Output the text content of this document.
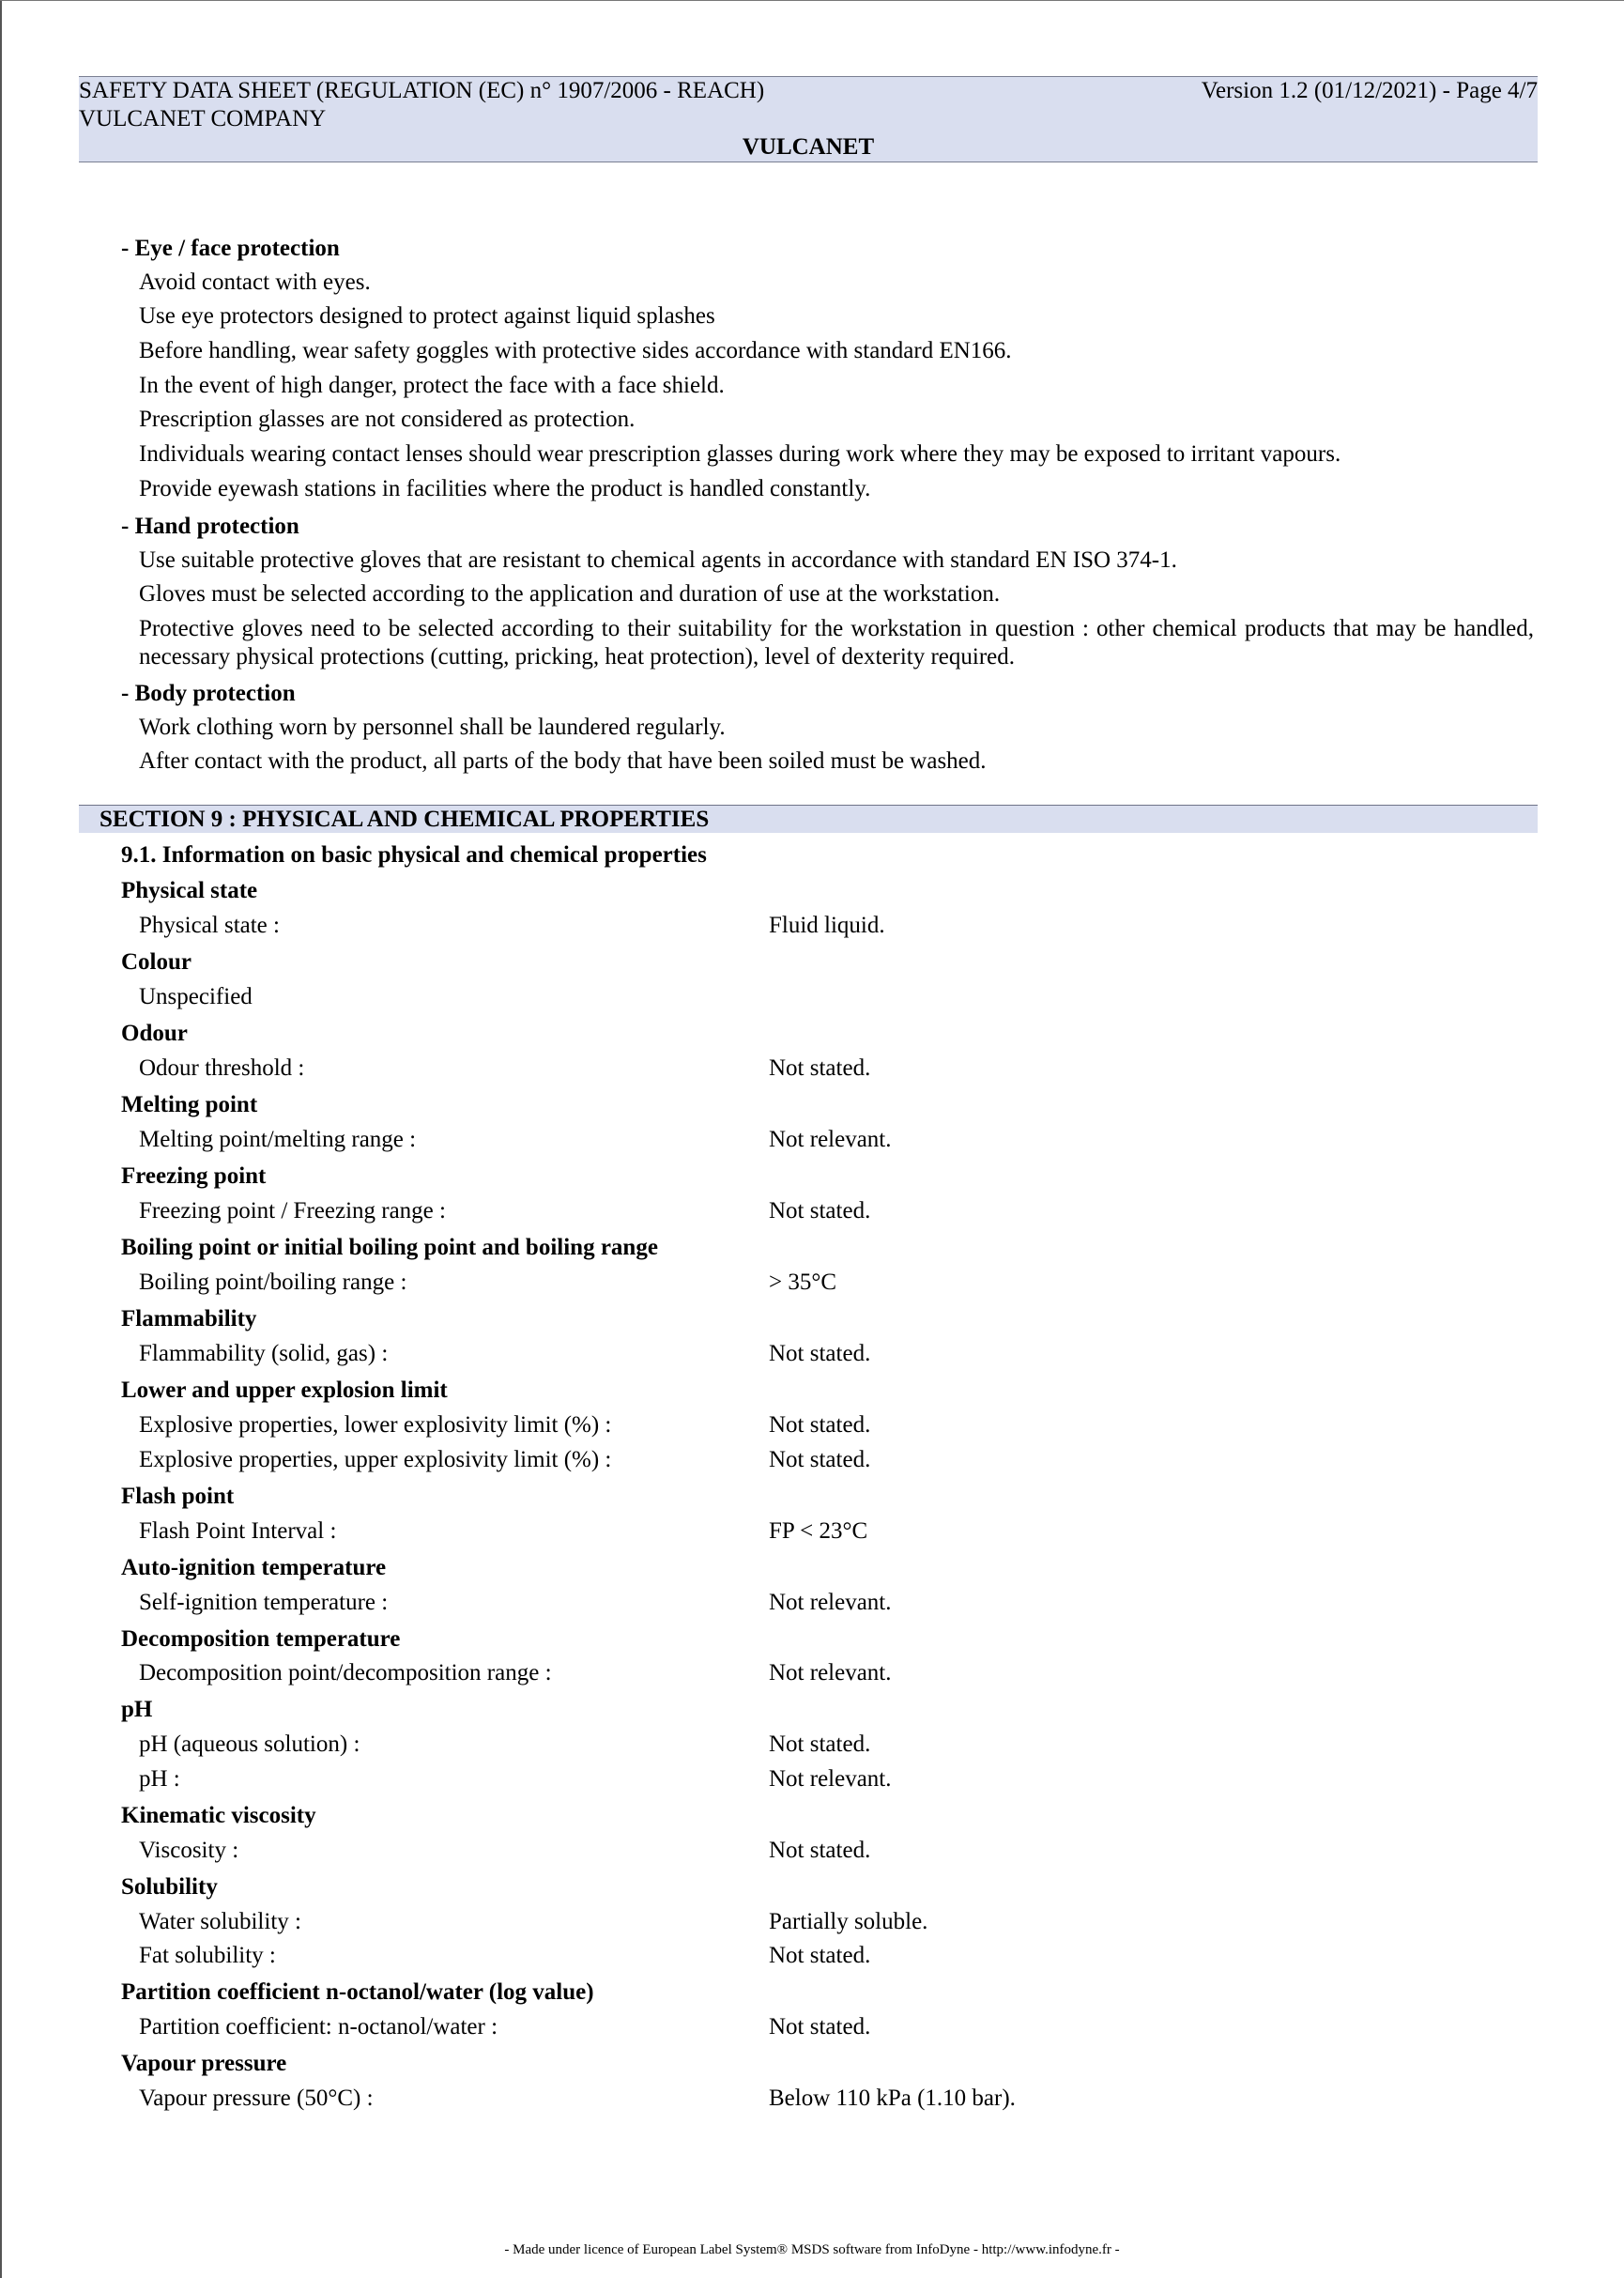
SAFETY DATA SHEET (REGULATION (EC) n° 1907/2006 - REACH)
VULCANET COMPANY
Version 1.2 (01/12/2021) - Page 4/7
VULCANET
- Eye / face protection
Avoid contact with eyes.
Use eye protectors designed to protect against liquid splashes
Before handling, wear safety goggles with protective sides accordance with standard EN166.
In the event of high danger, protect the face with a face shield.
Prescription glasses are not considered as protection.
Individuals wearing contact lenses should wear prescription glasses during work where they may be exposed to irritant vapours.
Provide eyewash stations in facilities where the product is handled constantly.
- Hand protection
Use suitable protective gloves that are resistant to chemical agents in accordance with standard EN ISO 374-1.
Gloves must be selected according to the application and duration of use at the workstation.
Protective gloves need to be selected according to their suitability for the workstation in question : other chemical products that may be handled, necessary physical protections (cutting, pricking, heat protection), level of dexterity required.
- Body protection
Work clothing worn by personnel shall be laundered regularly.
After contact with the product, all parts of the body that have been soiled must be washed.
SECTION 9 : PHYSICAL AND CHEMICAL PROPERTIES
9.1. Information on basic physical and chemical properties
Physical state
Physical state :	Fluid liquid.
Colour
Unspecified
Odour
Odour threshold :	Not stated.
Melting point
Melting point/melting range :	Not relevant.
Freezing point
Freezing point / Freezing range :	Not stated.
Boiling point or initial boiling point and boiling range
Boiling point/boiling range :	> 35°C
Flammability
Flammability (solid, gas) :	Not stated.
Lower and upper explosion limit
Explosive properties, lower explosivity limit (%) :	Not stated.
Explosive properties, upper explosivity limit (%) :	Not stated.
Flash point
Flash Point Interval :	FP < 23°C
Auto-ignition temperature
Self-ignition temperature :	Not relevant.
Decomposition temperature
Decomposition point/decomposition range :	Not relevant.
pH
pH (aqueous solution) :	Not stated.
pH :	Not relevant.
Kinematic viscosity
Viscosity :	Not stated.
Solubility
Water solubility :	Partially soluble.
Fat solubility :	Not stated.
Partition coefficient n-octanol/water (log value)
Partition coefficient: n-octanol/water :	Not stated.
Vapour pressure
Vapour pressure (50°C) :	Below 110 kPa (1.10 bar).
- Made under licence of European Label System® MSDS software from InfoDyne - http://www.infodyne.fr -
